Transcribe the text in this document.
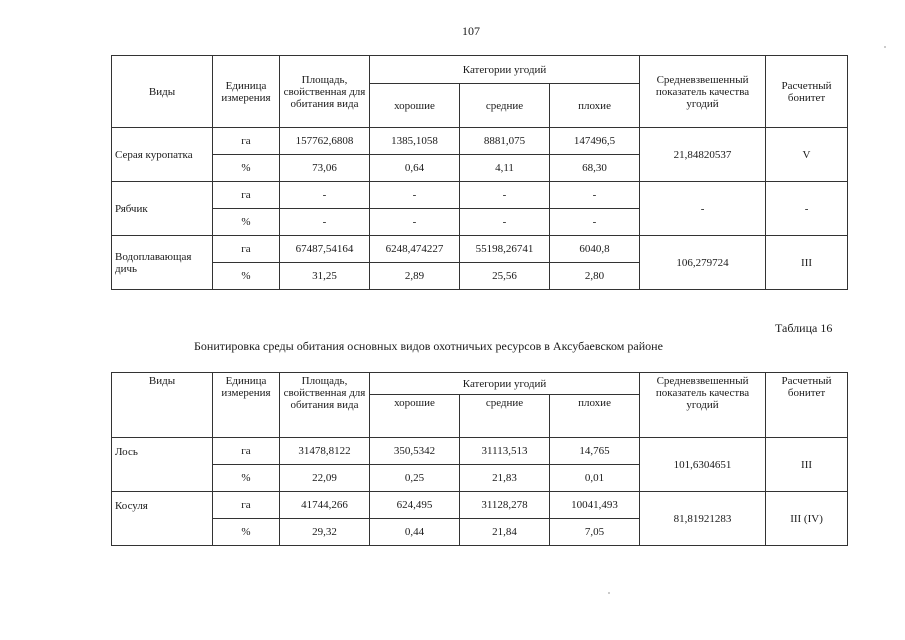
107
Виды	Единица измерения	Площадь, свойственная для обитания вида	Категории угодий			Средневзвешенный показатель качества угодий	Расчетный бонитет
			хорошие	средние	плохие		
Серая куропатка	га	157762,6808	1385,1058	8881,075	147496,5	21,84820537	V
	%	73,06	0,64	4,11	68,30		
Рябчик	га	-	-	-	-	-	-
	%	-	-	-	-		
Водоплавающая дичь	га	67487,54164	6248,474227	55198,26741	6040,8	106,279724	III
	%	31,25	2,89	25,56	2,80		
Таблица 16
Бонитировка среды обитания основных видов охотничьих ресурсов в Аксубаевском районе
Виды	Единица измерения	Площадь, свойственная для обитания вида	Категории угодий			Средневзвешенный показатель качества угодий	Расчетный бонитет
			хорошие	средние	плохие		
Лось	га	31478,8122	350,5342	31113,513	14,765	101,6304651	III
	%	22,09	0,25	21,83	0,01		
Косуля	га	41744,266	624,495	31128,278	10041,493	81,81921283	III (IV)
	%	29,32	0,44	21,84	7,05		
